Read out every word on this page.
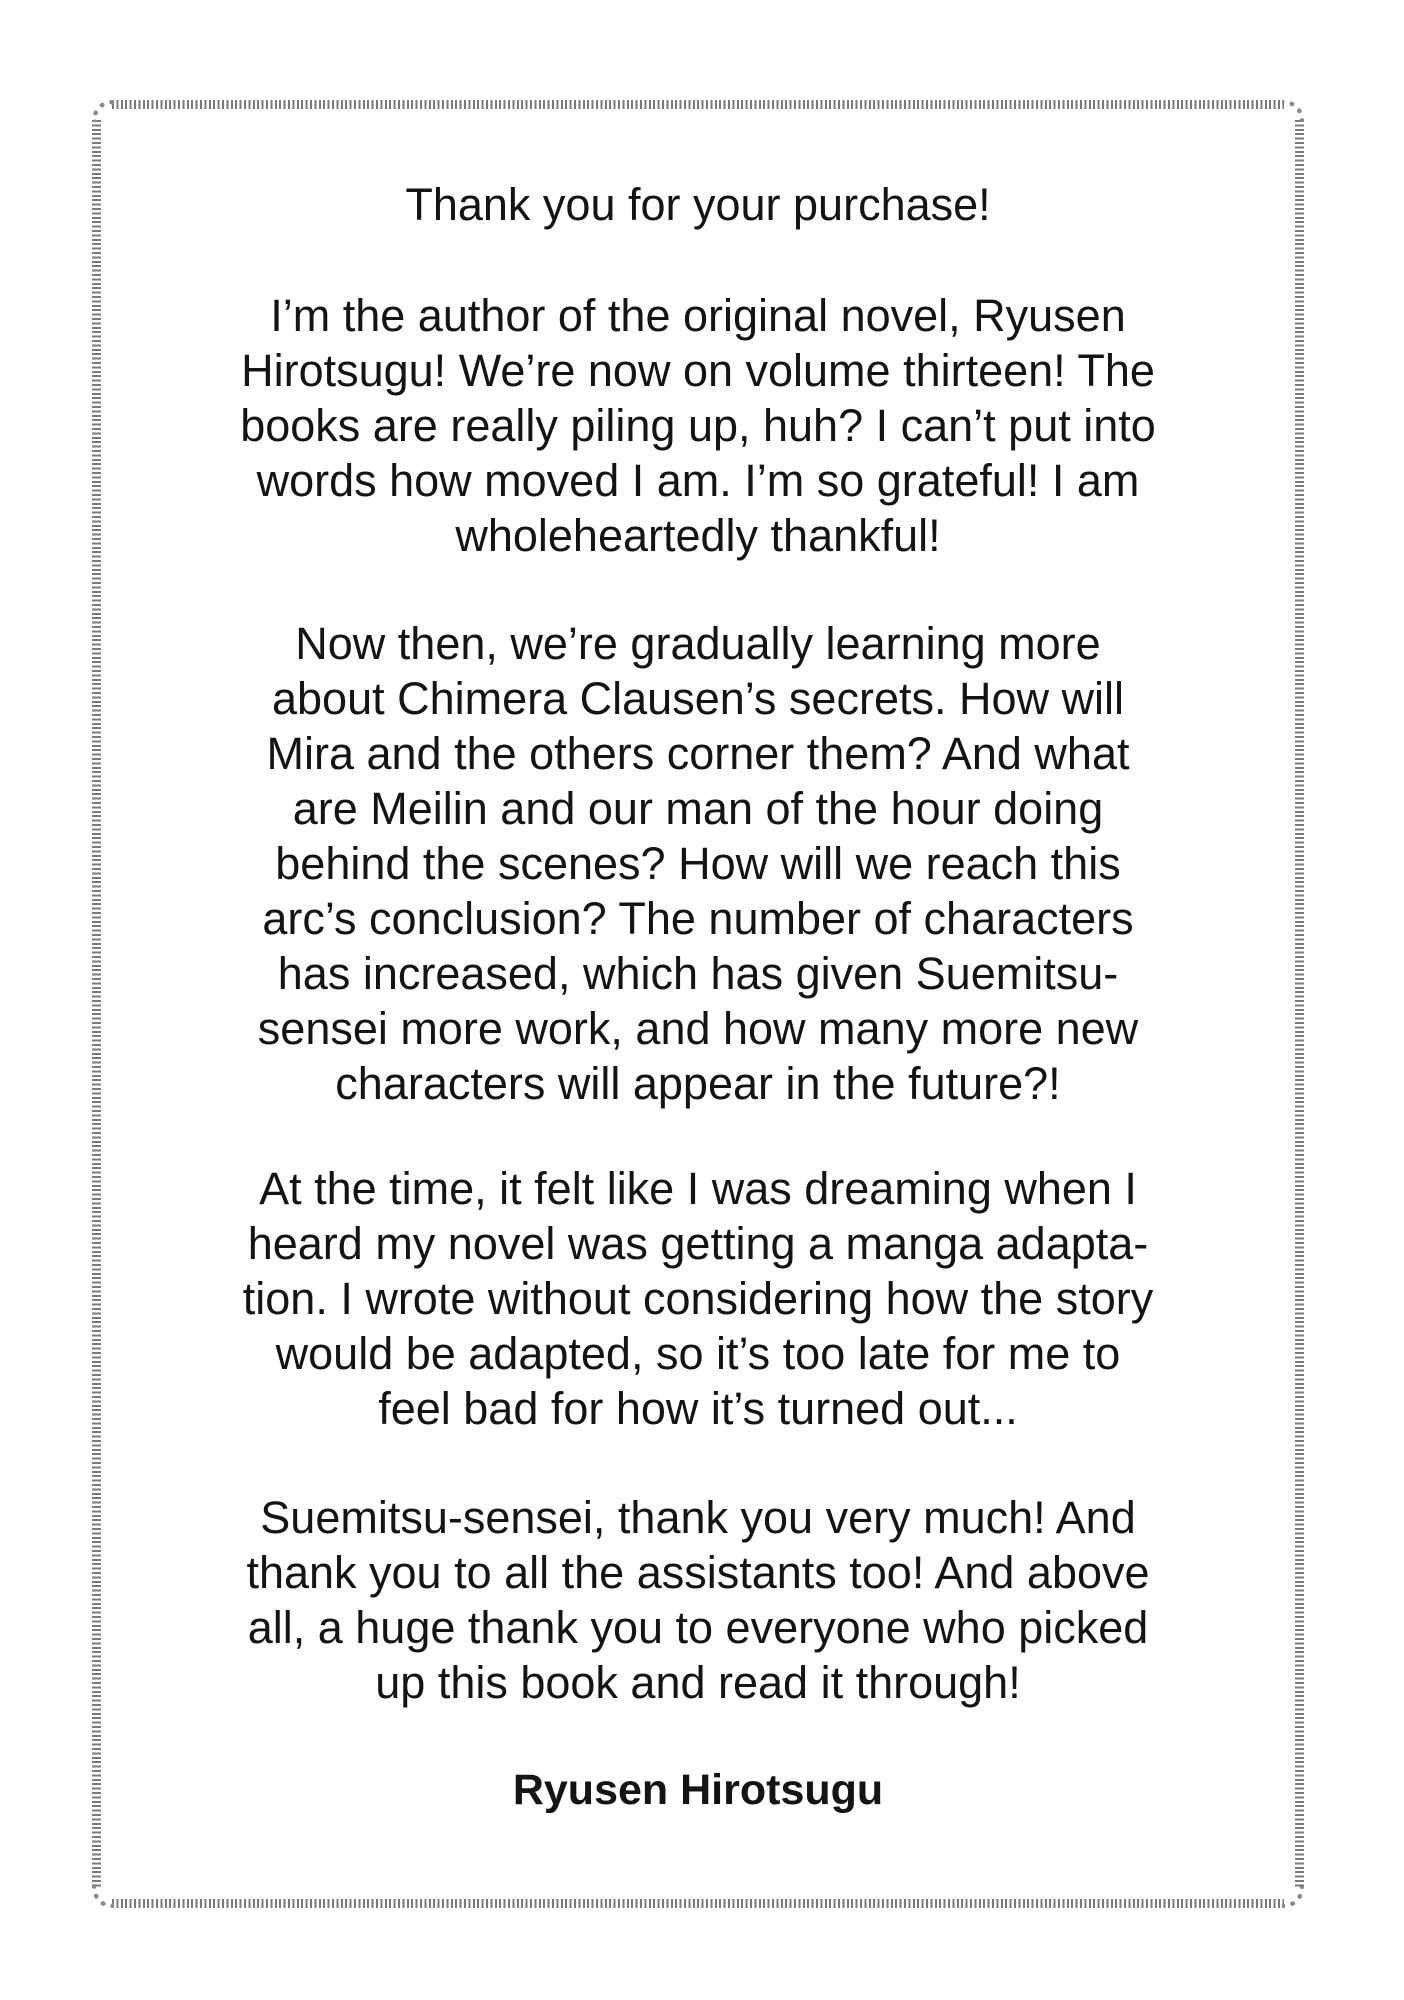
Thank you for your purchase!
I’m the author of the original novel, Ryusen
Hirotsugu! We’re now on volume thirteen! The
books are really piling up, huh? I can’t put into
words how moved I am. I’m so grateful! I am
wholeheartedly thankful!
Now then, we’re gradually learning more
about Chimera Clausen’s secrets. How will
Mira and the others corner them? And what
are Meilin and our man of the hour doing
behind the scenes? How will we reach this
arc’s conclusion? The number of characters
has increased, which has given Suemitsu-
sensei more work, and how many more new
characters will appear in the future?!
At the time, it felt like I was dreaming when I
heard my novel was getting a manga adapta-
tion. I wrote without considering how the story
would be adapted, so it’s too late for me to
feel bad for how it’s turned out...
Suemitsu-sensei, thank you very much! And
thank you to all the assistants too! And above
all, a huge thank you to everyone who picked
up this book and read it through!
Ryusen Hirotsugu
